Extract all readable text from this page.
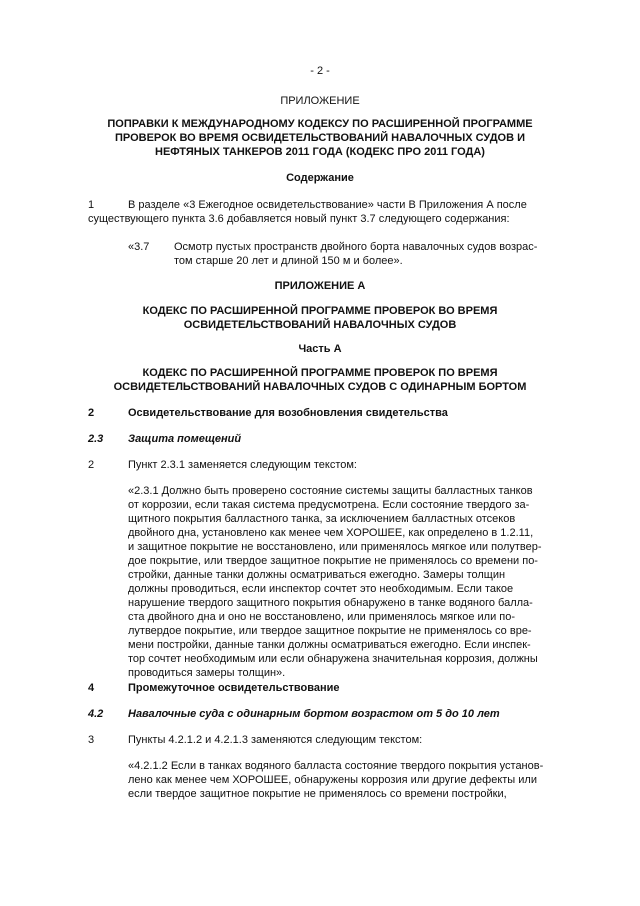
- 2 -
ПРИЛОЖЕНИЕ
ПОПРАВКИ К МЕЖДУНАРОДНОМУ КОДЕКСУ ПО РАСШИРЕННОЙ ПРОГРАММЕ
ПРОВЕРОК ВО ВРЕМЯ ОСВИДЕТЕЛЬСТВОВАНИЙ НАВАЛОЧНЫХ СУДОВ И
НЕФТЯНЫХ ТАНКЕРОВ 2011 ГОДА (КОДЕКС ПРО 2011 ГОДА)
Содержание
1	В разделе «3 Ежегодное освидетельствование» части В Приложения А после
существующего пункта 3.6 добавляется новый пункт 3.7 следующего содержания:
«3.7 Осмотр пустых пространств двойного борта навалочных судов возрас-
том старше 20 лет и длиной 150 м и более».
ПРИЛОЖЕНИЕ А
КОДЕКС ПО РАСШИРЕННОЙ ПРОГРАММЕ ПРОВЕРОК ВО ВРЕМЯ
ОСВИДЕТЕЛЬСТВОВАНИЙ НАВАЛОЧНЫХ СУДОВ
Часть А
КОДЕКС ПО РАСШИРЕННОЙ ПРОГРАММЕ ПРОВЕРОК ПО ВРЕМЯ
ОСВИДЕТЕЛЬСТВОВАНИЙ НАВАЛОЧНЫХ СУДОВ С ОДИНАРНЫМ БОРТОМ
2	Освидетельствование для возобновления свидетельства
2.3 Защита помещений
2	Пункт 2.3.1 заменяется следующим текстом:
«2.3.1 Должно быть проверено состояние системы защиты балластных танков
от коррозии, если такая система предусмотрена. Если состояние твердого за-
щитного покрытия балластного танка, за исключением балластных отсеков
двойного дна, установлено как менее чем ХОРОШЕЕ, как определено в 1.2.11,
и защитное покрытие не восстановлено, или применялось мягкое или полутвер-
дое покрытие, или твердое защитное покрытие не применялось со времени по-
стройки, данные танки должны осматриваться ежегодно. Замеры толщин
должны проводиться, если инспектор сочтет это необходимым. Если такое
нарушение твердого защитного покрытия обнаружено в танке водяного балла-
ста двойного дна и оно не восстановлено, или применялось мягкое или по-
лутвердое покрытие, или твердое защитное покрытие не применялось со вре-
мени постройки, данные танки должны осматриваться ежегодно. Если инспек-
тор сочтет необходимым или если обнаружена значительная коррозия, должны
проводиться замеры толщин».
4	Промежуточное освидетельствование
4.2 Навалочные суда с одинарным бортом возрастом от 5 до 10 лет
3	Пункты 4.2.1.2 и 4.2.1.3 заменяются следующим текстом:
«4.2.1.2 Если в танках водяного балласта состояние твердого покрытия установ-
лено как менее чем ХОРОШЕЕ, обнаружены коррозия или другие дефекты или
если твердое защитное покрытие не применялось со времени постройки,
